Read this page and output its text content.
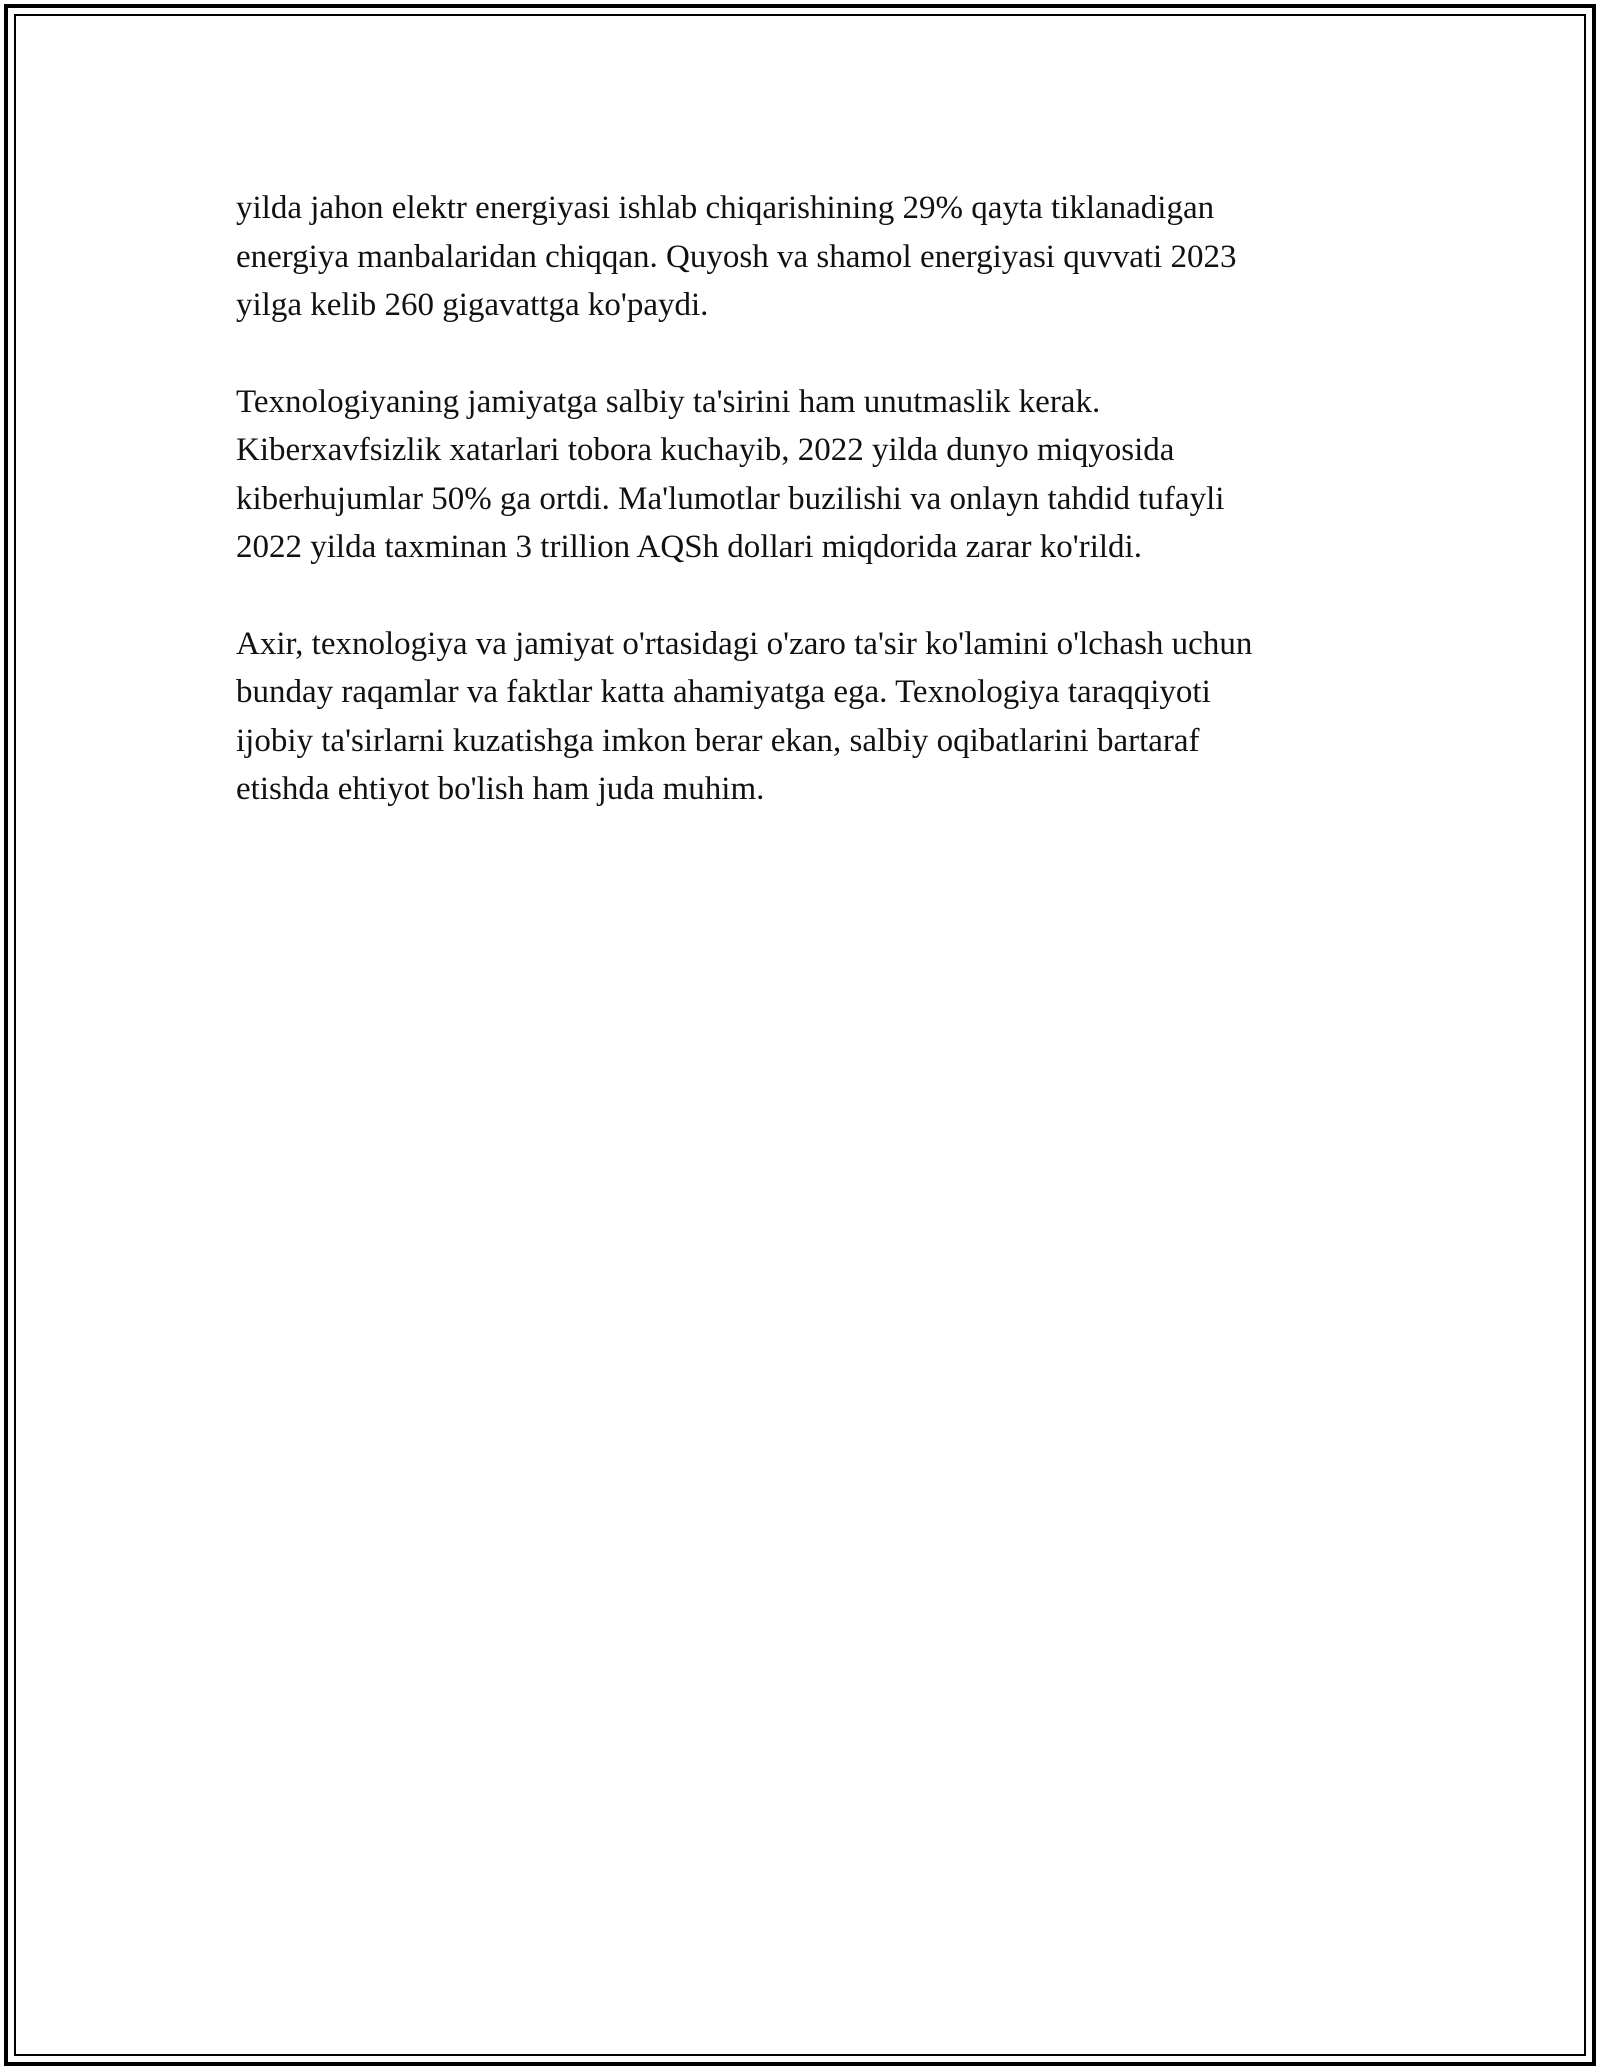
yilda jahon elektr energiyasi ishlab chiqarishining 29% qayta tiklanadigan
energiya manbalaridan chiqqan. Quyosh va shamol energiyasi quvvati 2023
yilga kelib 260 gigavattga ko'paydi.

Texnologiyaning jamiyatga salbiy ta'sirini ham unutmaslik kerak.
Kiberxavfsizlik xatarlari tobora kuchayib, 2022 yilda dunyo miqyosida
kiberhujumlar 50% ga ortdi. Ma'lumotlar buzilishi va onlayn tahdid tufayli
2022 yilda taxminan 3 trillion AQSh dollari miqdorida zarar ko'rildi.

Axir, texnologiya va jamiyat o'rtasidagi o'zaro ta'sir ko'lamini o'lchash uchun
bunday raqamlar va faktlar katta ahamiyatga ega. Texnologiya taraqqiyoti
ijobiy ta'sirlarni kuzatishga imkon berar ekan, salbiy oqibatlarini bartaraf
etishda ehtiyot bo'lish ham juda muhim.
